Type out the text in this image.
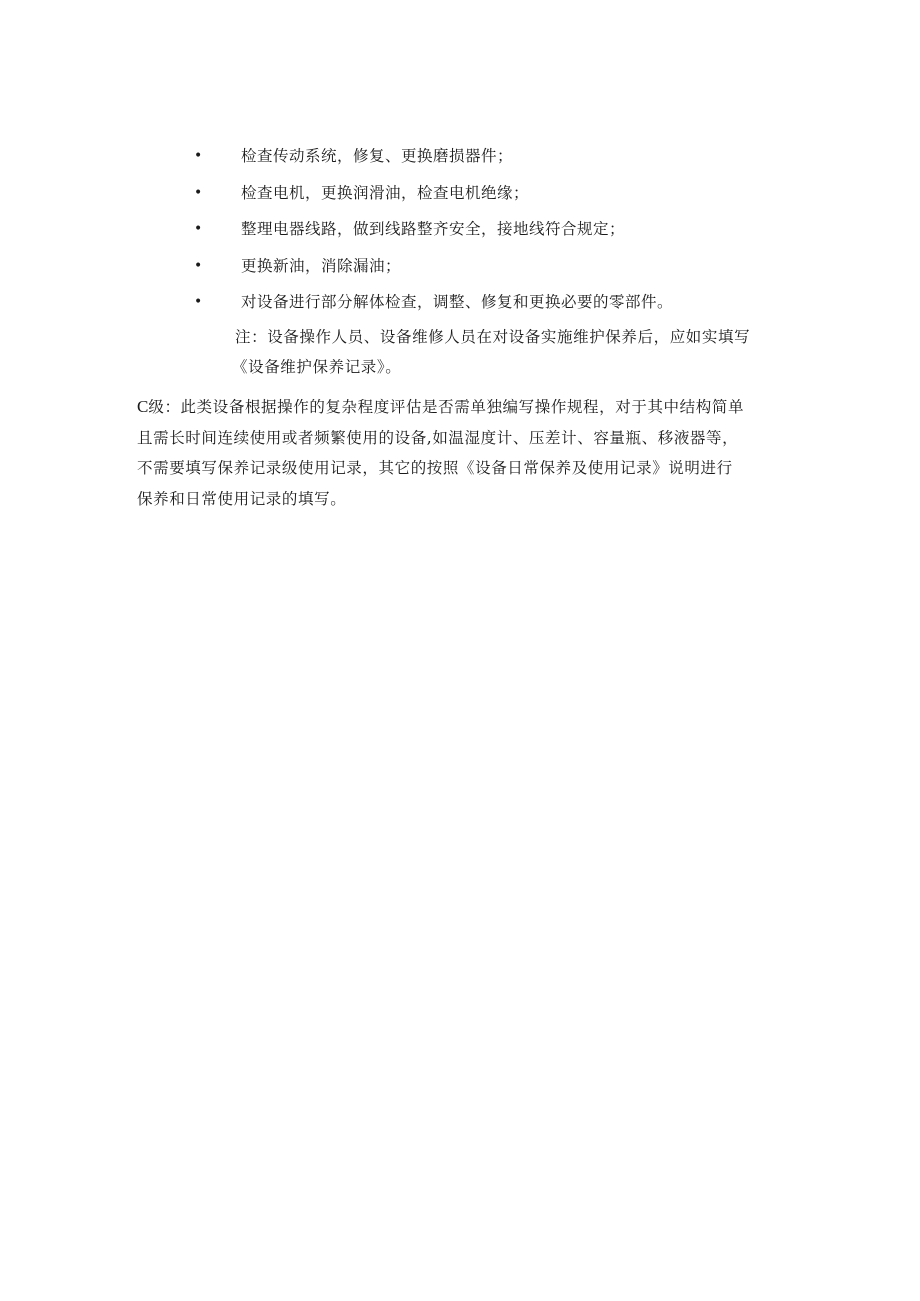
• 检查传动系统，修复、更换磨损器件；
• 检查电机，更换润滑油，检查电机绝缘；
• 整理电器线路，做到线路整齐安全，接地线符合规定；
• 更换新油，消除漏油；
• 对设备进行部分解体检查，调整、修复和更换必要的零部件。

注：设备操作人员、设备维修人员在对设备实施维护保养后，应如实填写

《设备维护保养记录》。

C级：此类设备根据操作的复杂程度评估是否需单独编写操作规程，对于其中结构简单

且需长时间连续使用或者频繁使用的设备,如温湿度计、压差计、容量瓶、移液器等，

不需要填写保养记录级使用记录，其它的按照《设备日常保养及使用记录》说明进行

保养和日常使用记录的填写。
